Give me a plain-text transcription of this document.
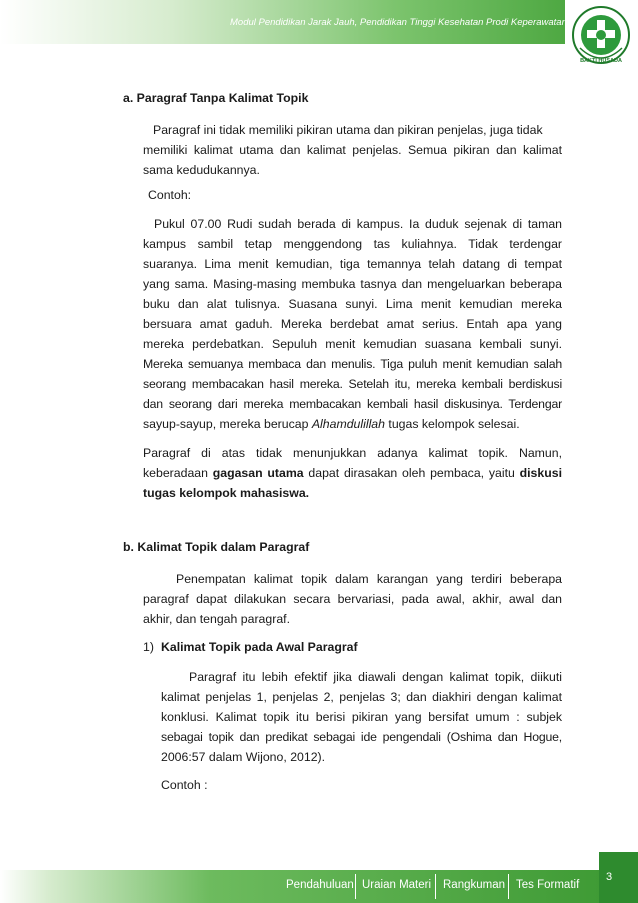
Modul Pendidikan Jarak Jauh, Pendidikan Tinggi Kesehatan Prodi Keperawatan
BAKTI HUSADA
a. Paragraf Tanpa Kalimat Topik
Paragraf ini tidak memiliki pikiran utama dan pikiran penjelas, juga tidak
memiliki kalimat utama dan kalimat penjelas. Semua pikiran dan kalimat
sama kedudukannya.
Contoh:
Pukul 07.00 Rudi sudah berada di kampus. Ia duduk sejenak di taman
kampus sambil tetap menggendong tas kuliahnya. Tidak terdengar
suaranya. Lima menit kemudian, tiga temannya telah datang di tempat
yang sama. Masing-masing membuka tasnya dan mengeluarkan beberapa
buku dan alat tulisnya. Suasana sunyi. Lima menit kemudian mereka
bersuara amat gaduh. Mereka berdebat amat serius. Entah apa yang
mereka perdebatkan. Sepuluh menit kemudian suasana kembali sunyi.
Mereka semuanya membaca dan menulis. Tiga puluh menit kemudian salah
seorang membacakan hasil mereka. Setelah itu, mereka kembali berdiskusi
dan seorang dari mereka membacakan kembali hasil diskusinya. Terdengar
sayup-sayup, mereka berucap Alhamdulillah tugas kelompok selesai.
Paragraf di atas tidak menunjukkan adanya kalimat topik. Namun,
keberadaan gagasan utama dapat dirasakan oleh pembaca, yaitu diskusi
tugas kelompok mahasiswa.
b. Kalimat Topik dalam Paragraf
Penempatan kalimat topik dalam karangan yang terdiri beberapa
paragraf dapat dilakukan secara bervariasi, pada awal, akhir, awal dan
akhir, dan tengah paragraf.
1) Kalimat Topik pada Awal Paragraf
Paragraf itu lebih efektif jika diawali dengan kalimat topik, diikuti
kalimat penjelas 1, penjelas 2, penjelas 3; dan diakhiri dengan kalimat
konklusi. Kalimat topik itu berisi pikiran yang bersifat umum : subjek
sebagai topik dan predikat sebagai ide pengendali (Oshima dan Hogue,
2006:57 dalam Wijono, 2012).
Contoh :
Pendahuluan Uraian Materi Rangkuman Tes Formatif
3
